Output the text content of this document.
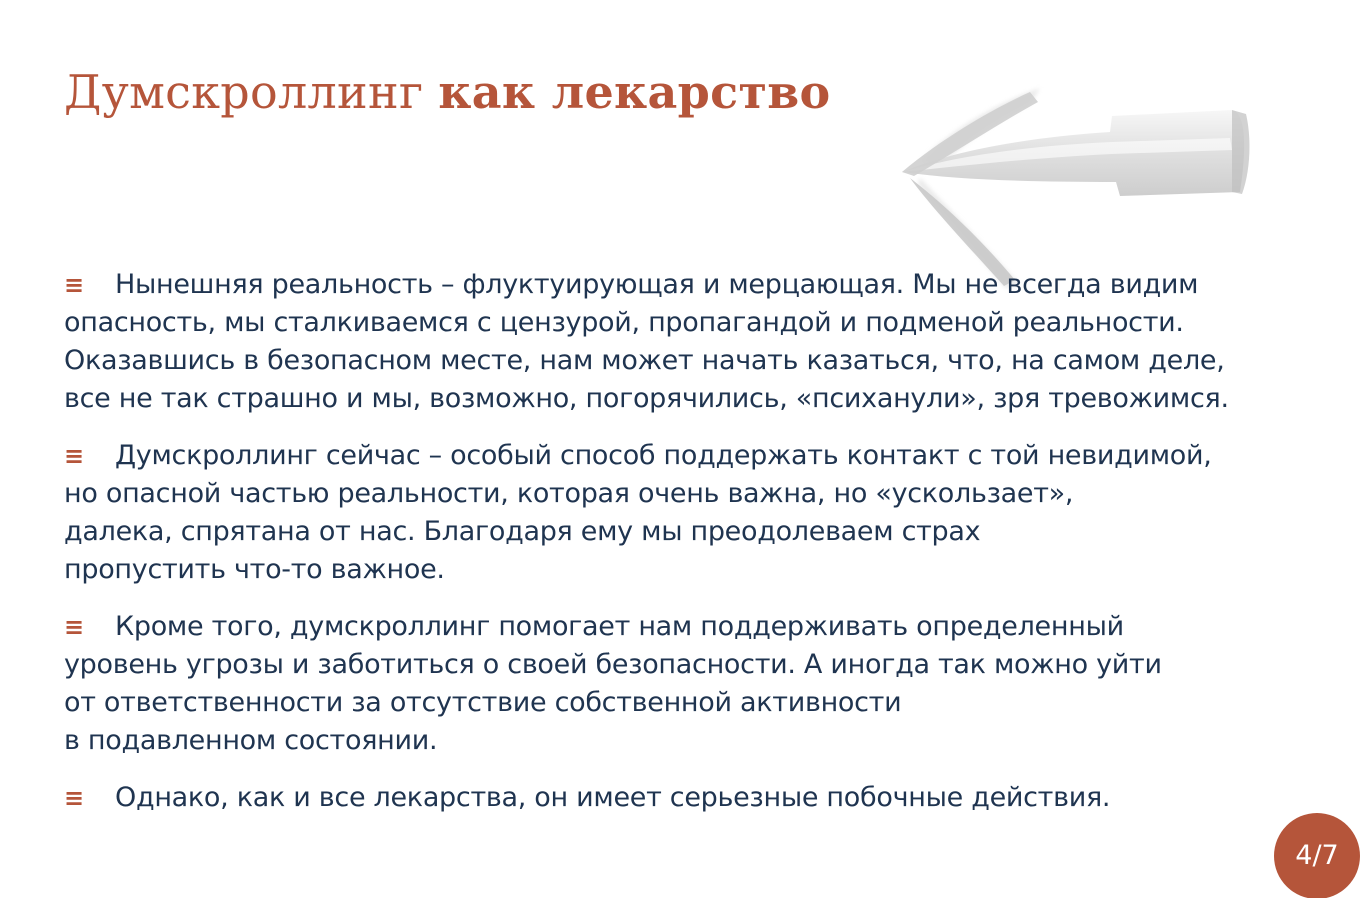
Думскроллинг как лекарство

≡ Нынешняя реальность – флуктуирующая и мерцающая. Мы не всегда видим
опасность, мы сталкиваемся с цензурой, пропагандой и подменой реальности.
Оказавшись в безопасном месте, нам может начать казаться, что, на самом деле,
все не так страшно и мы, возможно, погорячились, «психанули», зря тревожимся.

≡ Думскроллинг сейчас – особый способ поддержать контакт с той невидимой,
но опасной частью реальности, которая очень важна, но «ускользает»,
далека, спрятана от нас. Благодаря ему мы преодолеваем страх
пропустить что-то важное.

≡ Кроме того, думскроллинг помогает нам поддерживать определенный
уровень угрозы и заботиться о своей безопасности. А иногда так можно уйти
от ответственности за отсутствие собственной активности
в подавленном состоянии.

≡ Однако, как и все лекарства, он имеет серьезные побочные действия.

4/7
